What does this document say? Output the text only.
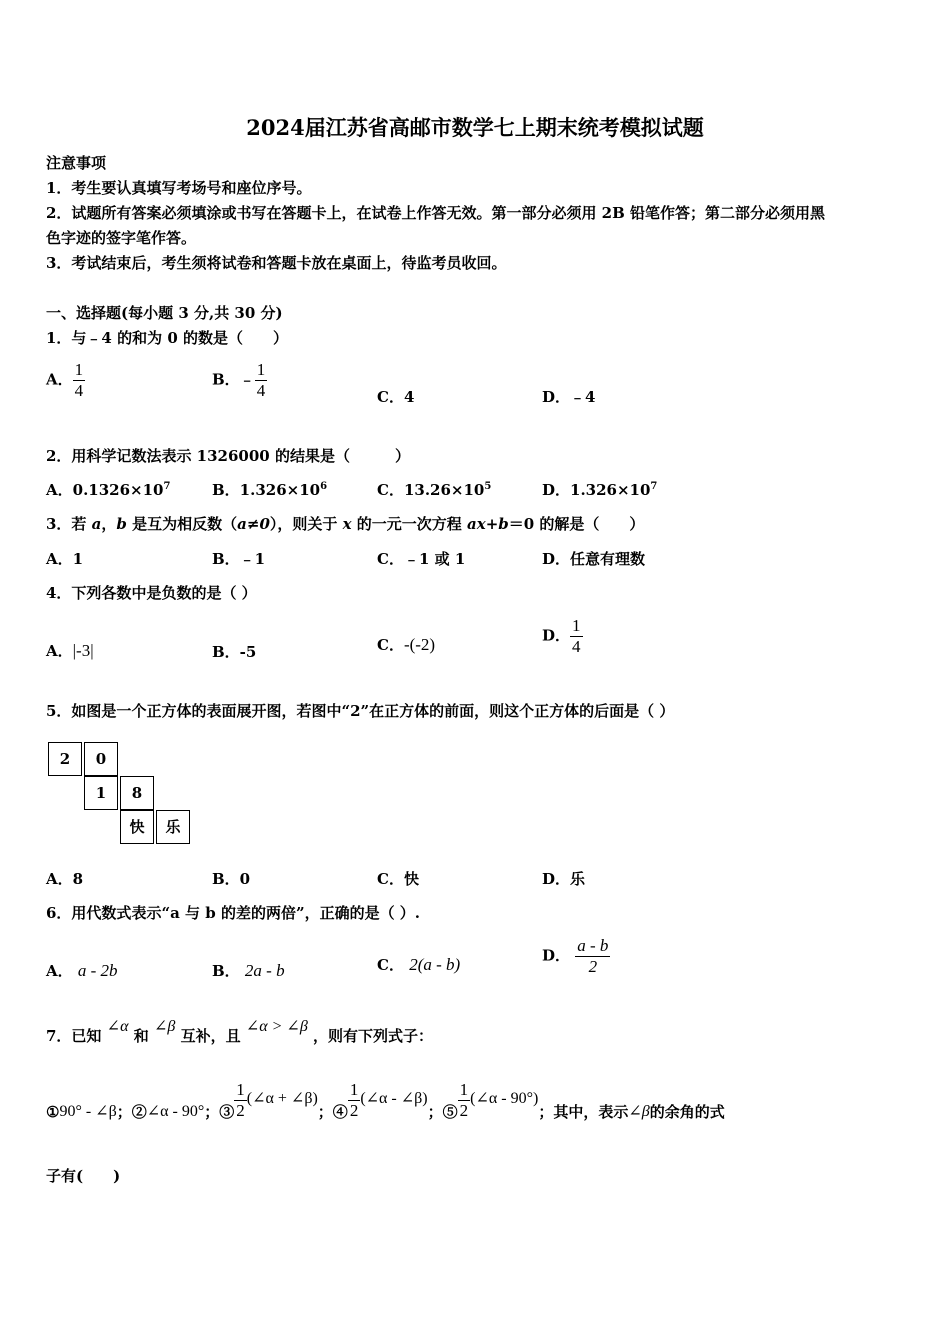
2024届江苏省高邮市数学七上期末统考模拟试题
注意事项
1．考生要认真填写考场号和座位序号。
2．试题所有答案必须填涂或书写在答题卡上，在试卷上作答无效。第一部分必须用 2B 铅笔作答；第二部分必须用黑
色字迹的签字笔作答。
3．考试结束后，考生须将试卷和答题卡放在桌面上，待监考员收回。
一、选择题(每小题 3 分,共 30 分)
1．与﹣4 的和为 0 的数是（　　）
A． $\frac{1}{4}$	B．﹣ $\frac{1}{4}$	C．4	D．﹣4
2．用科学记数法表示 1326000 的结果是（　　　）
A．$0.1326\times 10^7$	B．$1.326\times 10^6$	C．$13.26\times 10^5$	D．$1.326\times 10^7$
3．若 a，b 是互为相反数（a≠0），则关于 x 的一元一次方程 ax+b＝0 的解是（　　）
A．1	B．﹣1	C．﹣1 或 1	D．任意有理数
4．下列各数中是负数的是（ ）
A．|-3|	B．-5	C．-(-2)	D． $\frac{1}{4}$
5．如图是一个正方体的表面展开图，若图中“2”在正方体的前面，则这个正方体的后面是（ ）
2	0
1	8
快	乐
A．8	B．0	C．快	D．乐
6．用代数式表示“a 与 b 的差的两倍”，正确的是（ ）.
A． a - 2b	B． 2a - b	C． 2(a - b)	D． $\frac{a - b}{2}$
7．已知 ∠α 和 ∠β 互补，且 ∠α > ∠β ，则有下列式子：
①90° - ∠β；②∠α - 90°；③ $\frac{1}{2}$ (∠α + ∠β)；④ $\frac{1}{2}$ (∠α - ∠β)；⑤ $\frac{1}{2}$ (∠α - 90°)；其中，表示∠β的余角的式
子有(　　)
